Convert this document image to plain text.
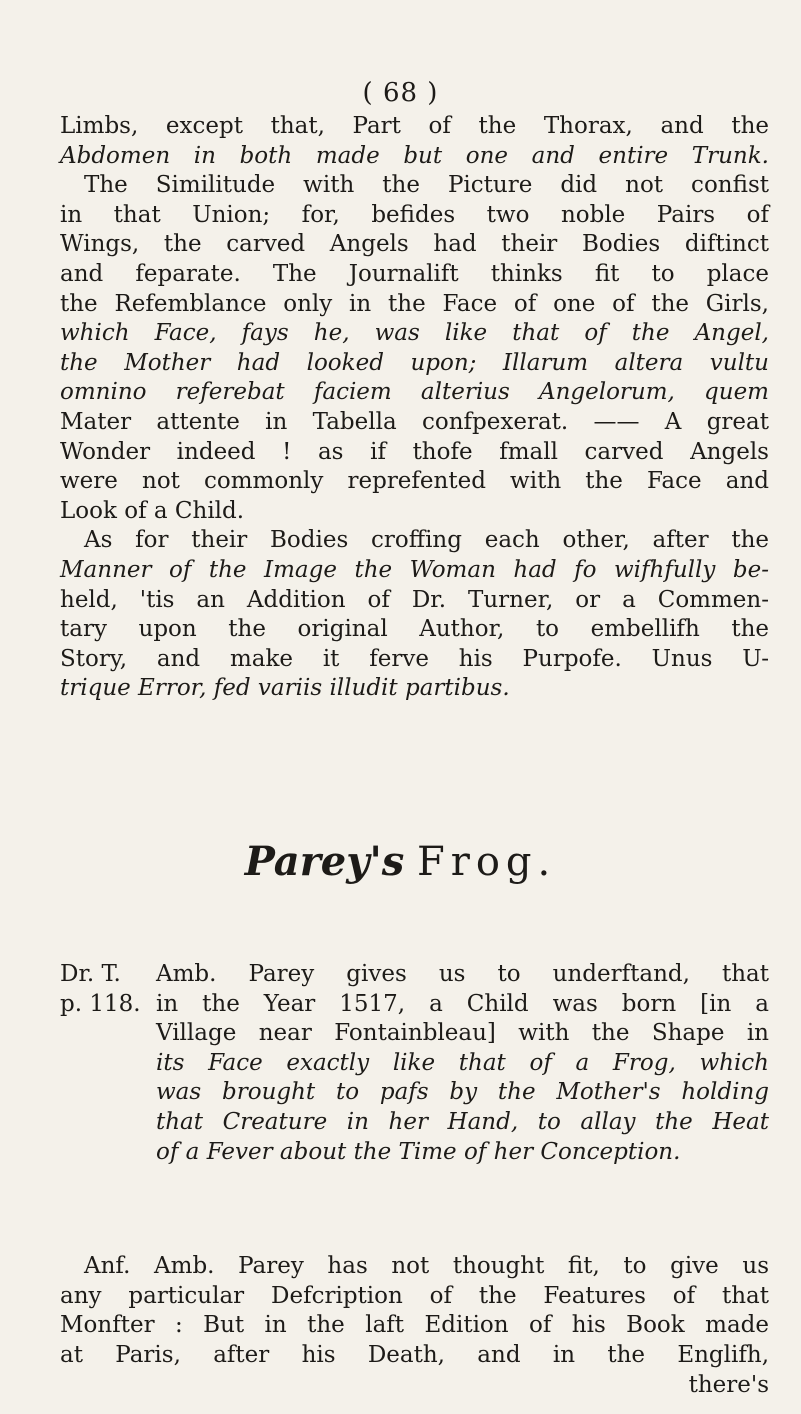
( 68 )
Limbs, except that, Part of the Thorax, and the
Abdomen in both made but one and entire Trunk.
The Similitude with the Picture did not confist
in that Union; for, befides two noble Pairs of
Wings, the carved Angels had their Bodies diftinct
and feparate. The Journalift thinks fit to place
the Refemblance only in the Face of one of the Girls,
which Face, fays he, was like that of the Angel,
the Mother had looked upon; Illarum altera vultu
omnino referebat faciem alterius Angelorum, quem
Mater attente in Tabella confpexerat. —— A great
Wonder indeed ! as if thofe fmall carved Angels
were not commonly reprefented with the Face and
Look of a Child.
As for their Bodies croffing each other, after the
Manner of the Image the Woman had fo wifhfully be-
held, 'tis an Addition of Dr. Turner, or a Commen-
tary upon the original Author, to embellifh the
Story, and make it ferve his Purpofe. Unus U-
trique Error, fed variis illudit partibus.
Parey's Frog.
Dr. T.
p. 118.
Amb. Parey gives us to underftand, that
in the Year 1517, a Child was born [in a
Village near Fontainbleau] with the Shape in
its Face exactly like that of a Frog, which
was brought to pafs by the Mother's holding
that Creature in her Hand, to allay the Heat
of a Fever about the Time of her Conception.
Anf. Amb. Parey has not thought fit, to give us
any particular Defcription of the Features of that
Monfter : But in the laft Edition of his Book made
at Paris, after his Death, and in the Englifh,
there's
